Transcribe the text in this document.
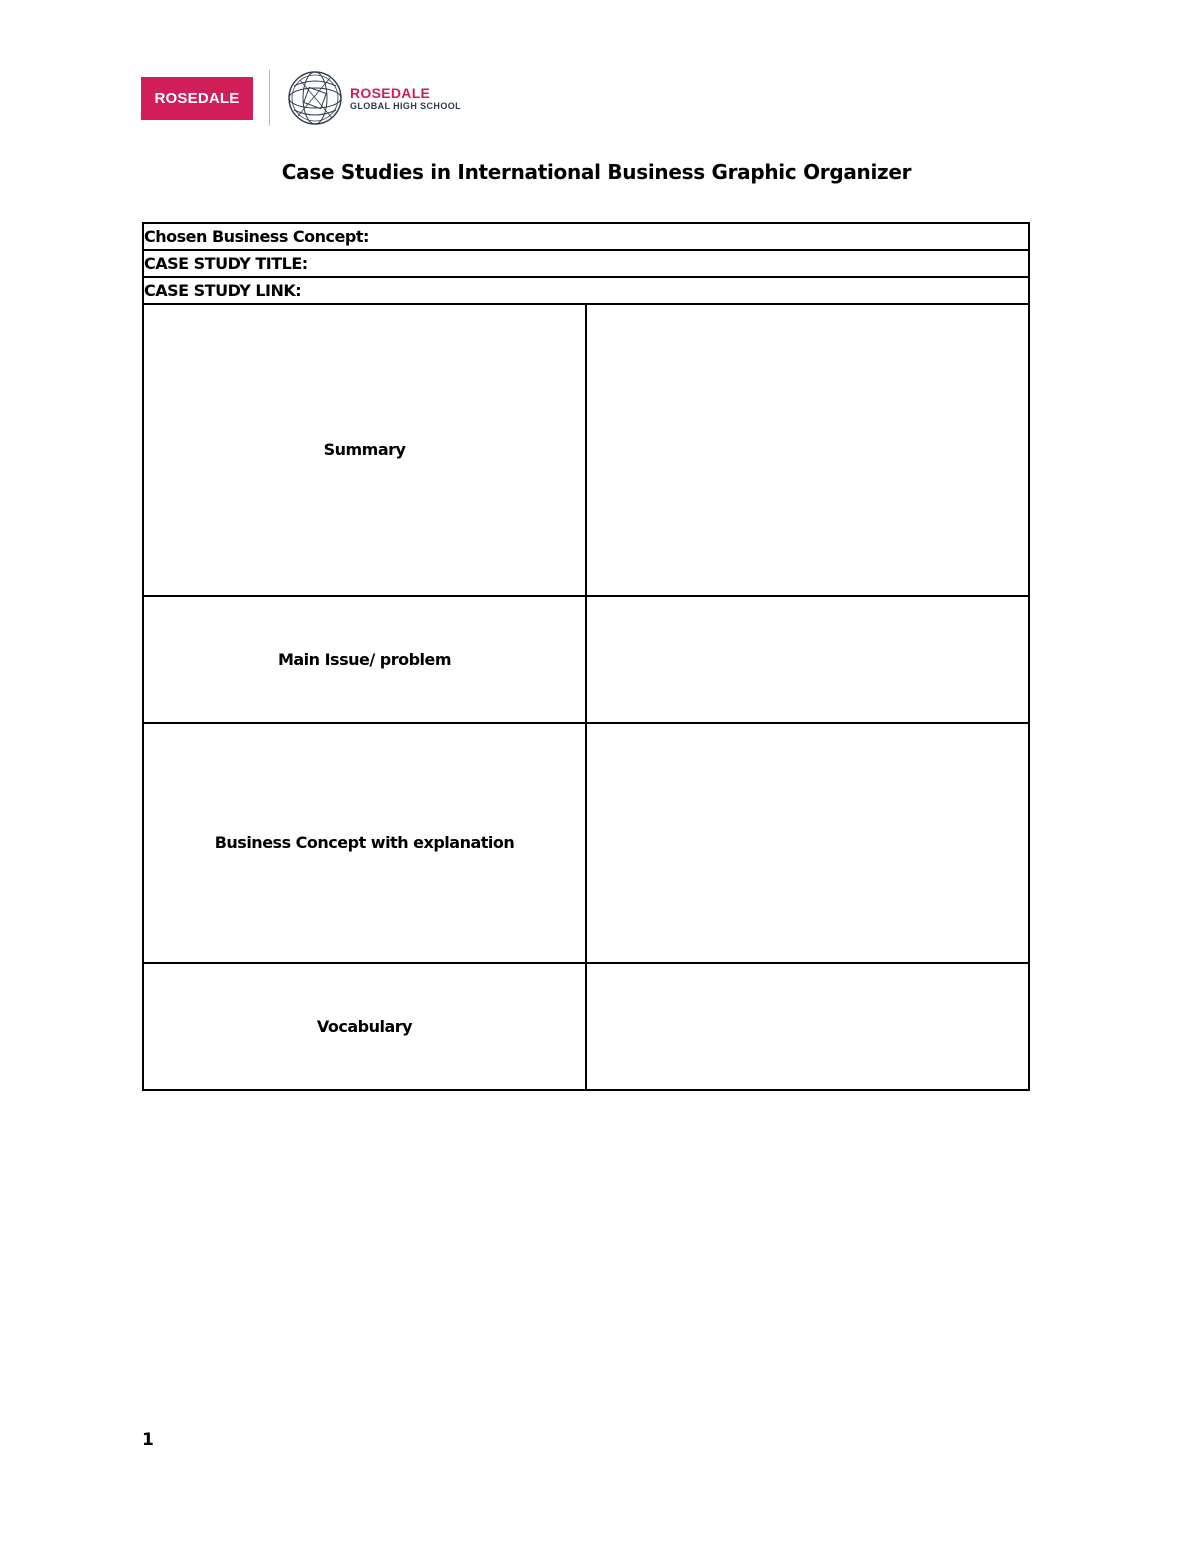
ROSEDALE	ROSEDALE
GLOBAL HIGH SCHOOL
Case Studies in International Business Graphic Organizer
Chosen Business Concept:	
CASE STUDY TITLE:	
CASE STUDY LINK:	
Summary	
Main Issue/ problem	
Business Concept with explanation	
Vocabulary	
1
